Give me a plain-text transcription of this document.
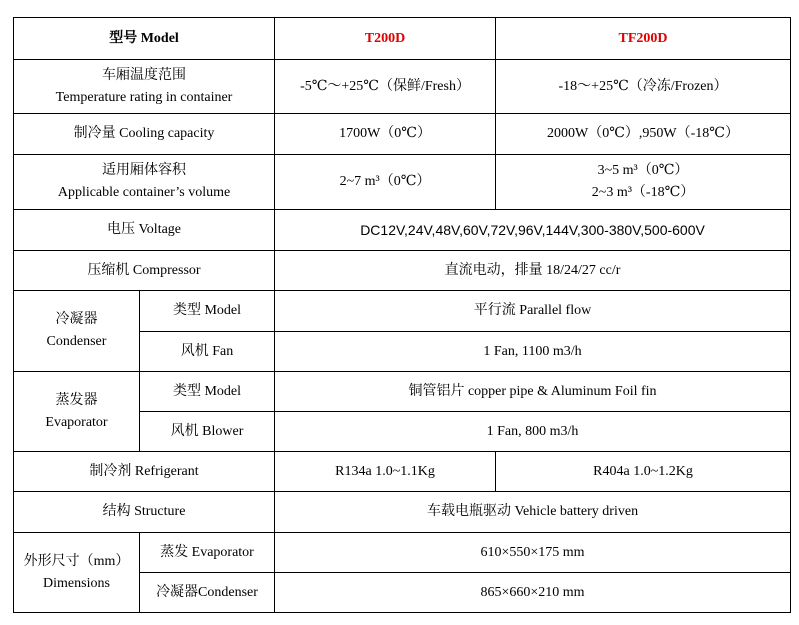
型号 Model		T200D	TF200D

车厢温度范围
Temperature rating in container		-5℃～+25℃（保鲜/Fresh）	-18～+25℃（冷冻/Frozen）
制冷量 Cooling capacity		1700W（0℃）	2000W（0℃）,950W（-18℃）

适用厢体容积
Applicable container’s volume		2~7 m³（0℃）	3~5 m³（0℃）
2~3 m³（-18℃）

电压 Voltage		DC12V,24V,48V,60V,72V,96V,144V,300-380V,500-600V	
压缩机 Compressor		直流电动，排量 18/24/27 cc/r	

冷凝器
Condenser	类型 Model	平行流 Parallel flow	
	风机 Fan	1 Fan, 1100 m3/h	

蒸发器
Evaporator	类型 Model	铜管铝片 copper pipe & Aluminum Foil fin	
	风机 Blower	1 Fan, 800 m3/h	
制冷剂 Refrigerant		R134a 1.0~1.1Kg	R404a 1.0~1.2Kg
结构 Structure		车载电瓶驱动 Vehicle battery driven	

外形尺寸（mm）
Dimensions	蒸发 Evaporator	610×550×175 mm	
	冷凝器Condenser	865×660×210 mm	
